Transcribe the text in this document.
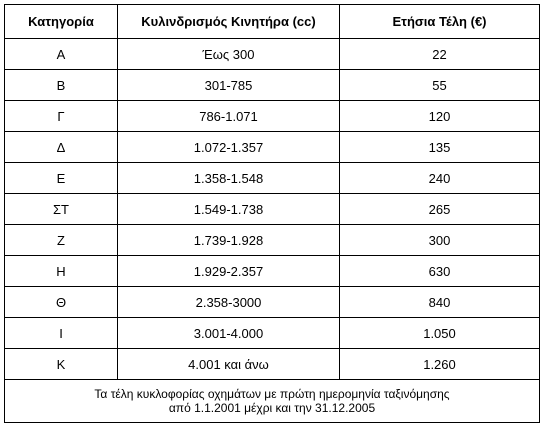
Κατηγορία	Κυλινδρισμός Κινητήρα (cc)	Ετήσια Τέλη (€)
Α	Έως 300	22
Β	301-785	55
Γ	786-1.071	120
Δ	1.072-1.357	135
Ε	1.358-1.548	240
ΣΤ	1.549-1.738	265
Ζ	1.739-1.928	300
Η	1.929-2.357	630
Θ	2.358-3000	840
Ι	3.001-4.000	1.050
Κ	4.001 και άνω	1.260
Τα τέλη κυκλοφορίας οχημάτων με πρώτη ημερομηνία ταξινόμησης
από 1.1.2001 μέχρι και την 31.12.2005		
